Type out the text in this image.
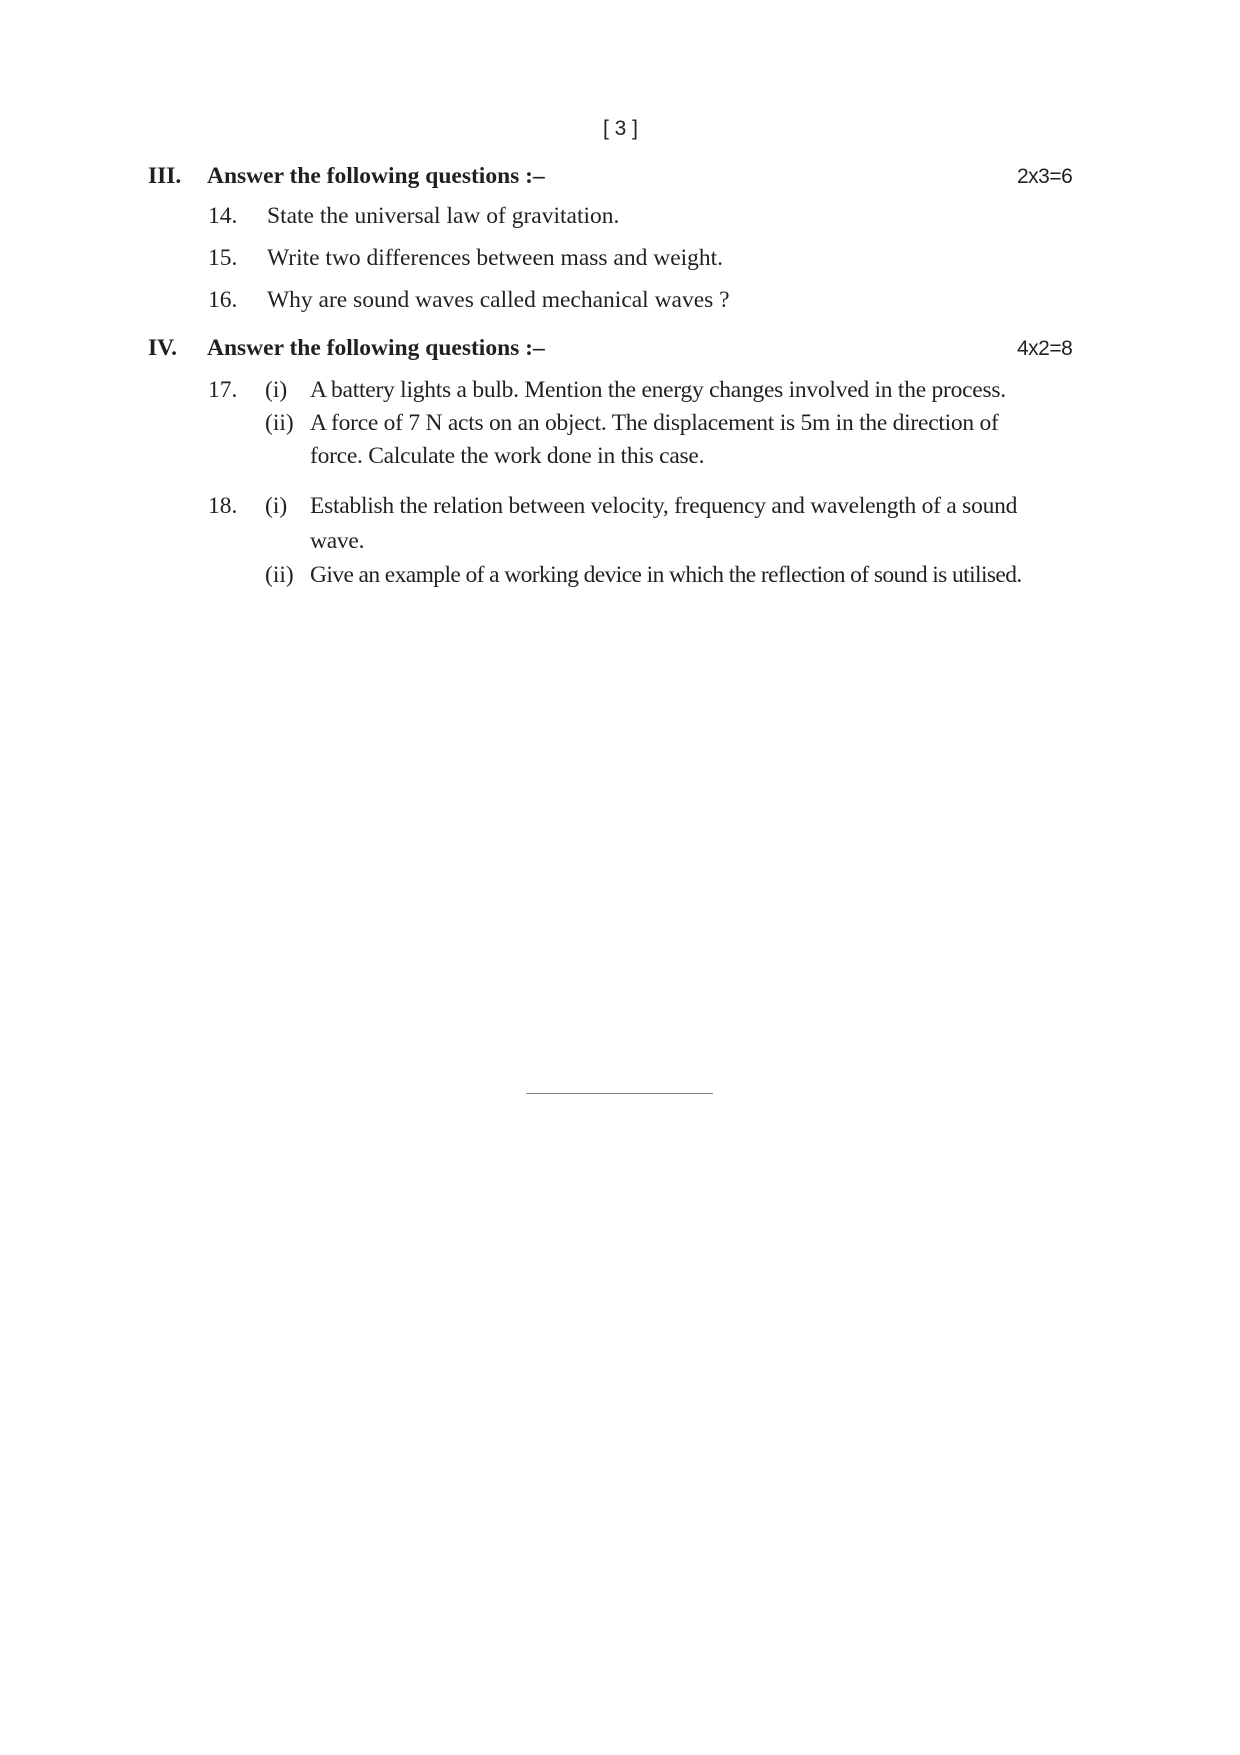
[ 3 ]
III. Answer the following questions :–	2x3=6
14. State the universal law of gravitation.
15. Write two differences between mass and weight.
16. Why are sound waves called mechanical waves ?
IV. Answer the following questions :–	4x2=8
17. (i) A battery lights a bulb. Mention the energy changes involved in the process.
(ii) A force of 7 N acts on an object. The displacement is 5m in the direction of
force. Calculate the work done in this case.
18. (i) Establish the relation between velocity, frequency and wavelength of a sound
wave.
(ii) Give an example of a working device in which the reflection of sound is utilised.
